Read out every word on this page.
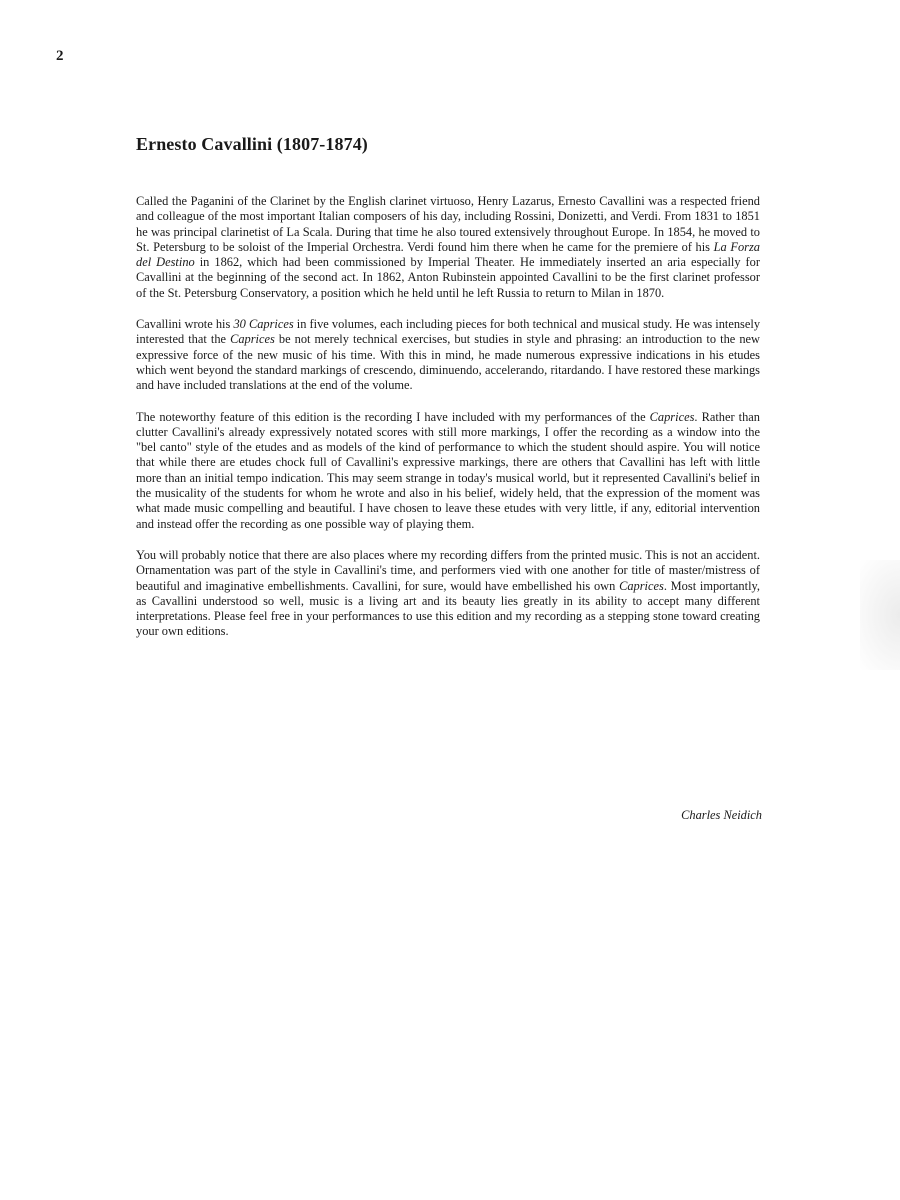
2
Ernesto Cavallini (1807-1874)

Called the Paganini of the Clarinet by the English clarinet virtuoso, Henry Lazarus, Ernesto Cavallini was a respected friend and colleague of the most important Italian composers of his day, including Rossini, Donizetti, and Verdi. From 1831 to 1851 he was principal clarinetist of La Scala. During that time he also toured extensively throughout Europe. In 1854, he moved to St. Petersburg to be soloist of the Imperial Orchestra. Verdi found him there when he came for the premiere of his La Forza del Destino in 1862, which had been commissioned by Imperial Theater. He immediately inserted an aria especially for Cavallini at the beginning of the second act. In 1862, Anton Rubinstein appointed Cavallini to be the first clarinet professor of the St. Petersburg Conservatory, a position which he held until he left Russia to return to Milan in 1870.

Cavallini wrote his 30 Caprices in five volumes, each including pieces for both technical and musical study. He was intensely interested that the Caprices be not merely technical exercises, but studies in style and phrasing: an introduction to the new expressive force of the new music of his time. With this in mind, he made numerous expressive indications in his etudes which went beyond the standard markings of crescendo, diminuendo, accelerando, ritardando. I have restored these markings and have included translations at the end of the volume.

The noteworthy feature of this edition is the recording I have included with my performances of the Caprices. Rather than clutter Cavallini's already expressively notated scores with still more markings, I offer the recording as a window into the "bel canto" style of the etudes and as models of the kind of performance to which the student should aspire. You will notice that while there are etudes chock full of Cavallini's expressive markings, there are others that Cavallini has left with little more than an initial tempo indication. This may seem strange in today's musical world, but it represented Cavallini's belief in the musicality of the students for whom he wrote and also in his belief, widely held, that the expression of the moment was what made music compelling and beautiful. I have chosen to leave these etudes with very little, if any, editorial intervention and instead offer the recording as one possible way of playing them.

You will probably notice that there are also places where my recording differs from the printed music. This is not an accident. Ornamentation was part of the style in Cavallini's time, and performers vied with one another for title of master/mistress of beautiful and imaginative embellishments. Cavallini, for sure, would have embellished his own Caprices. Most importantly, as Cavallini understood so well, music is a living art and its beauty lies greatly in its ability to accept many different interpretations. Please feel free in your performances to use this edition and my recording as a stepping stone toward creating your own editions.

Charles Neidich
